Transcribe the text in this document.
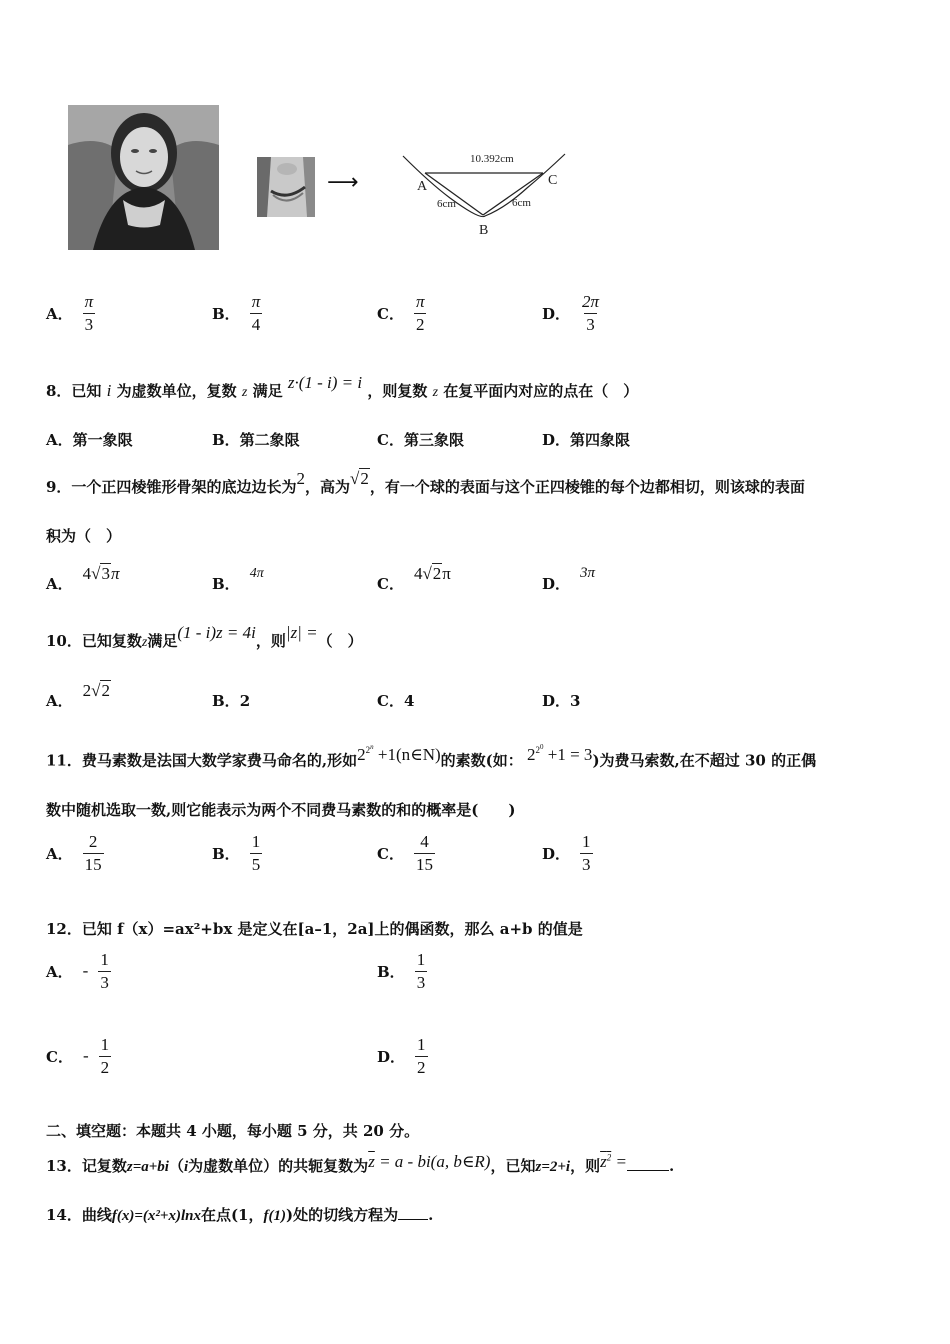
⟶
10.392cm
A
B
C
6cm	6cm
A． $\frac{\pi}{3}$	B． $\frac{\pi}{4}$	C． $\frac{\pi}{2}$	D． $\frac{2\pi}{3}$
8．已知 i 为虚数单位，复数 z 满足 z·(1 - i) = i ，则复数 z 在复平面内对应的点在（　）
A．第一象限	B．第二象限	C．第三象限	D．第四象限
9．一个正四棱锥形骨架的底边边长为2，高为√2，有一个球的表面与这个正四棱锥的每个边都相切，则该球的表面
积为（　）
A．
4√3π
B．
4π
C．
4√2π
D．
3π
10．已知复数z满足(1 - i)z = 4i，则|z| =（　）
A．
2√2
B．2	C．4	D．3
11．费马素数是法国大数学家费马命名的,形如$2^{2^n}$ +1(n∈N)的素数(如： $2^{2^0} +1 = 3$)为费马索数,在不超过 30 的正偶
数中随机选取一数,则它能表示为两个不同费马素数的和的概率是(　　)
A． $\frac{2}{15}$	B． $\frac{1}{5}$	C． $\frac{4}{15}$	D． $\frac{1}{3}$
12．已知 f（x）=ax²+bx 是定义在[a–1，2a]上的偶函数，那么 a+b 的值是
A． - $\frac{1}{3}$	B． $\frac{1}{3}$
C． - $\frac{1}{2}$	D． $\frac{1}{2}$
二、填空题：本题共 4 小题，每小题 5 分，共 20 分。
13．记复数z=a+bi（i为虚数单位）的共轭复数为$\overline{z} = a - bi(a$, b∈R)，已知z=2+i，则$z^2$ =	.
14．曲线f(x)=(x²+x)lnx在点(1，f(1))处的切线方程为 .
